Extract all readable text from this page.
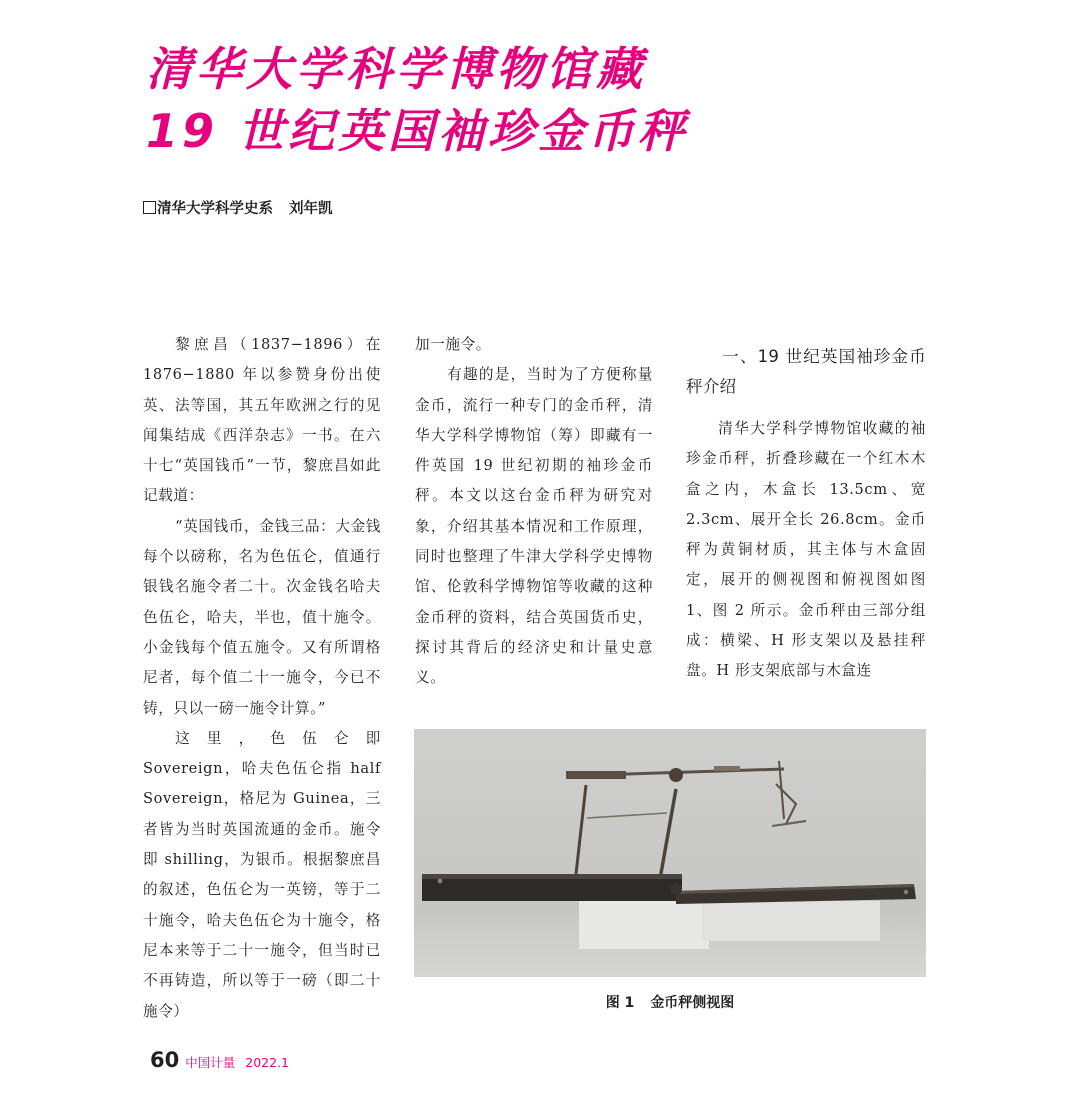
清华大学科学博物馆藏
19 世纪英国袖珍金币秤
清华大学科学史系 刘年凯

黎庶昌（1837−1896）在 1876−1880 年以参赞身份出使英、法等国，其五年欧洲之行的见闻集结成《西洋杂志》一书。在六十七“英国钱币”一节，黎庶昌如此记载道：

“英国钱币，金钱三品：大金钱每个以磅称，名为色伍仑，值通行银钱名施令者二十。次金钱名哈夫色伍仑，哈夫，半也，值十施令。小金钱每个值五施令。又有所谓格尼者，每个值二十一施令，今已不铸，只以一磅一施令计算。”

这里，色伍仑即 Sovereign，哈夫色伍仑指 half Sovereign，格尼为 Guinea，三者皆为当时英国流通的金币。施令即 shilling，为银币。根据黎庶昌的叙述，色伍仑为一英镑，等于二十施令，哈夫色伍仑为十施令，格尼本来等于二十一施令，但当时已不再铸造，所以等于一磅（即二十施令）

加一施令。

有趣的是，当时为了方便称量金币，流行一种专门的金币秤，清华大学科学博物馆（筹）即藏有一件英国 19 世纪初期的袖珍金币秤。本文以这台金币秤为研究对象，介绍其基本情况和工作原理，同时也整理了牛津大学科学史博物馆、伦敦科学博物馆等收藏的这种金币秤的资料，结合英国货币史，探讨其背后的经济史和计量史意义。

一、19 世纪英国袖珍金币秤介绍

清华大学科学博物馆收藏的袖珍金币秤，折叠珍藏在一个红木木盒之内，木盒长 13.5cm、宽 2.3cm、展开全长 26.8cm。金币秤为黄铜材质，其主体与木盒固定，展开的侧视图和俯视图如图 1、图 2 所示。金币秤由三部分组成：横梁、H 形支架以及悬挂秤盘。H 形支架底部与木盒连

图 1 金币秤侧视图
60 中国计量 2022.1
